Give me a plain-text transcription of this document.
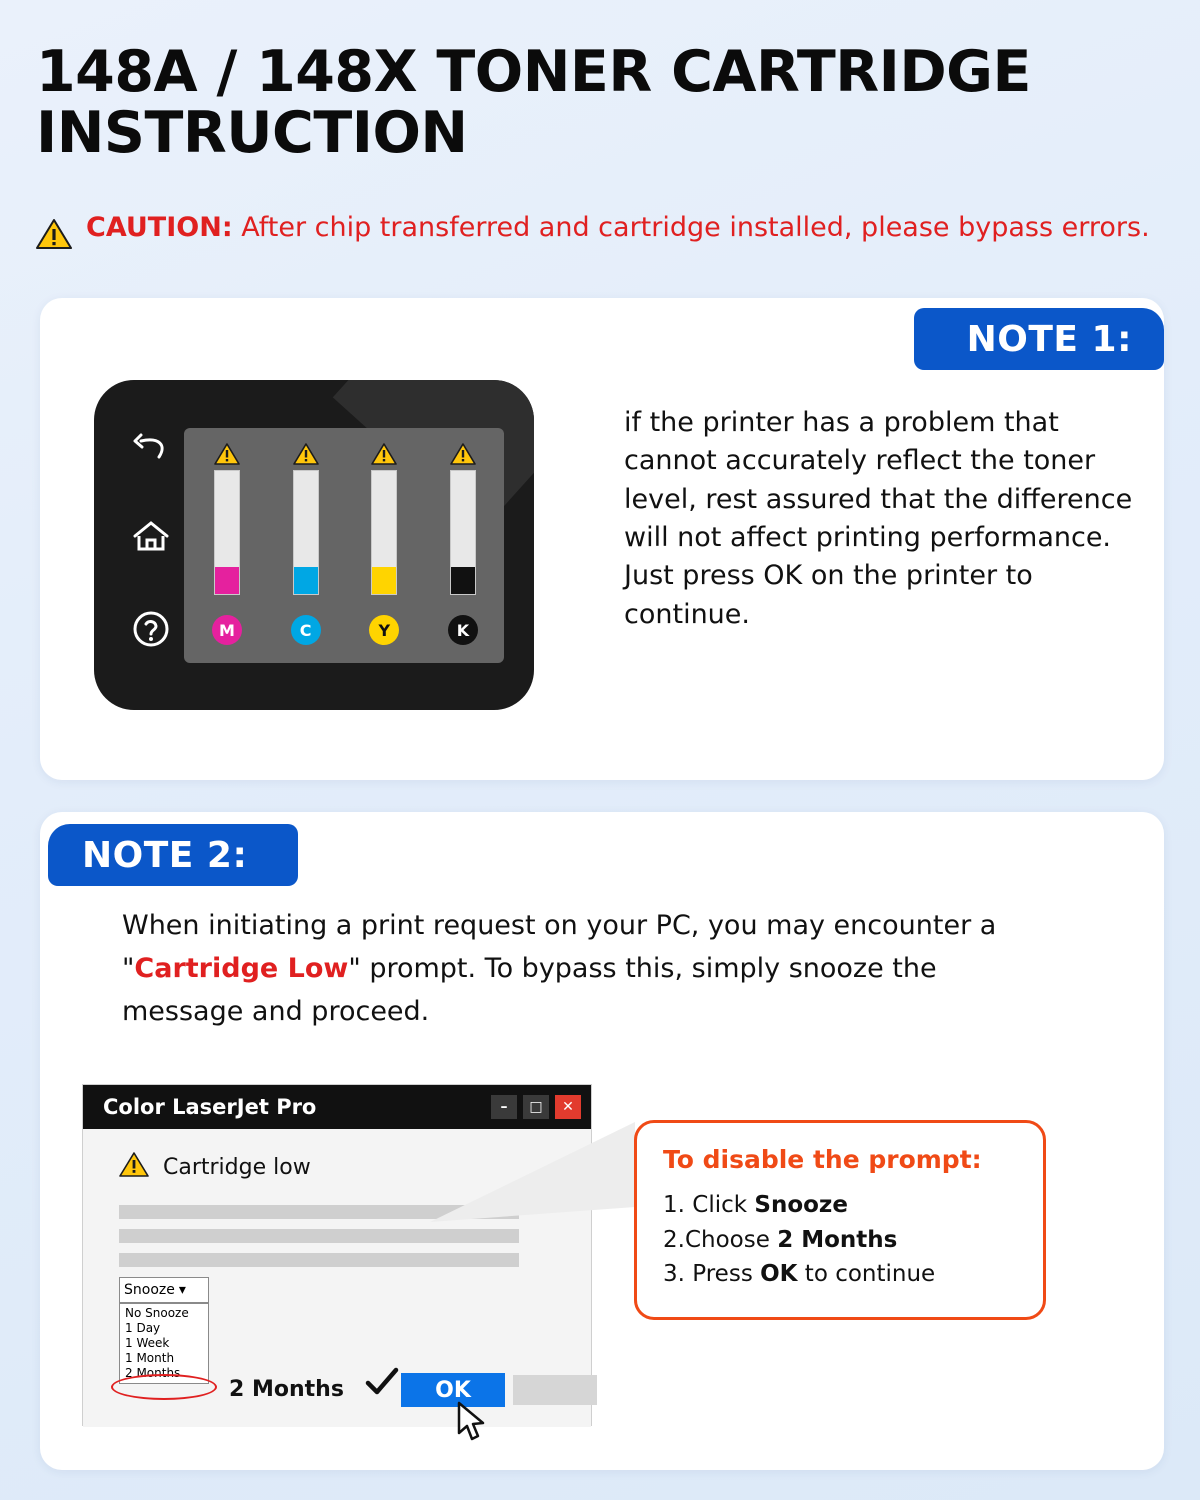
148A / 148X TONER CARTRIDGE INSTRUCTION
CAUTION: After chip transferred and cartridge installed, please bypass errors.
NOTE 1:
M	C	Y	K
if the printer has a problem that cannot accurately reflect the toner level, rest assured that the difference will not affect printing performance. Just press OK on the printer to continue.
NOTE 2:
When initiating a print request on your PC, you may encounter a "Cartridge Low" prompt. To bypass this, simply snooze the message and proceed.
Color LaserJet Pro	–	□	✕
Cartridge low
Snooze ▾
No Snooze
1 Day
1 Week
1 Month
2 Months
2 Months	OK
To disable the prompt:
1. Click Snooze
2.Choose 2 Months
3. Press OK to continue
